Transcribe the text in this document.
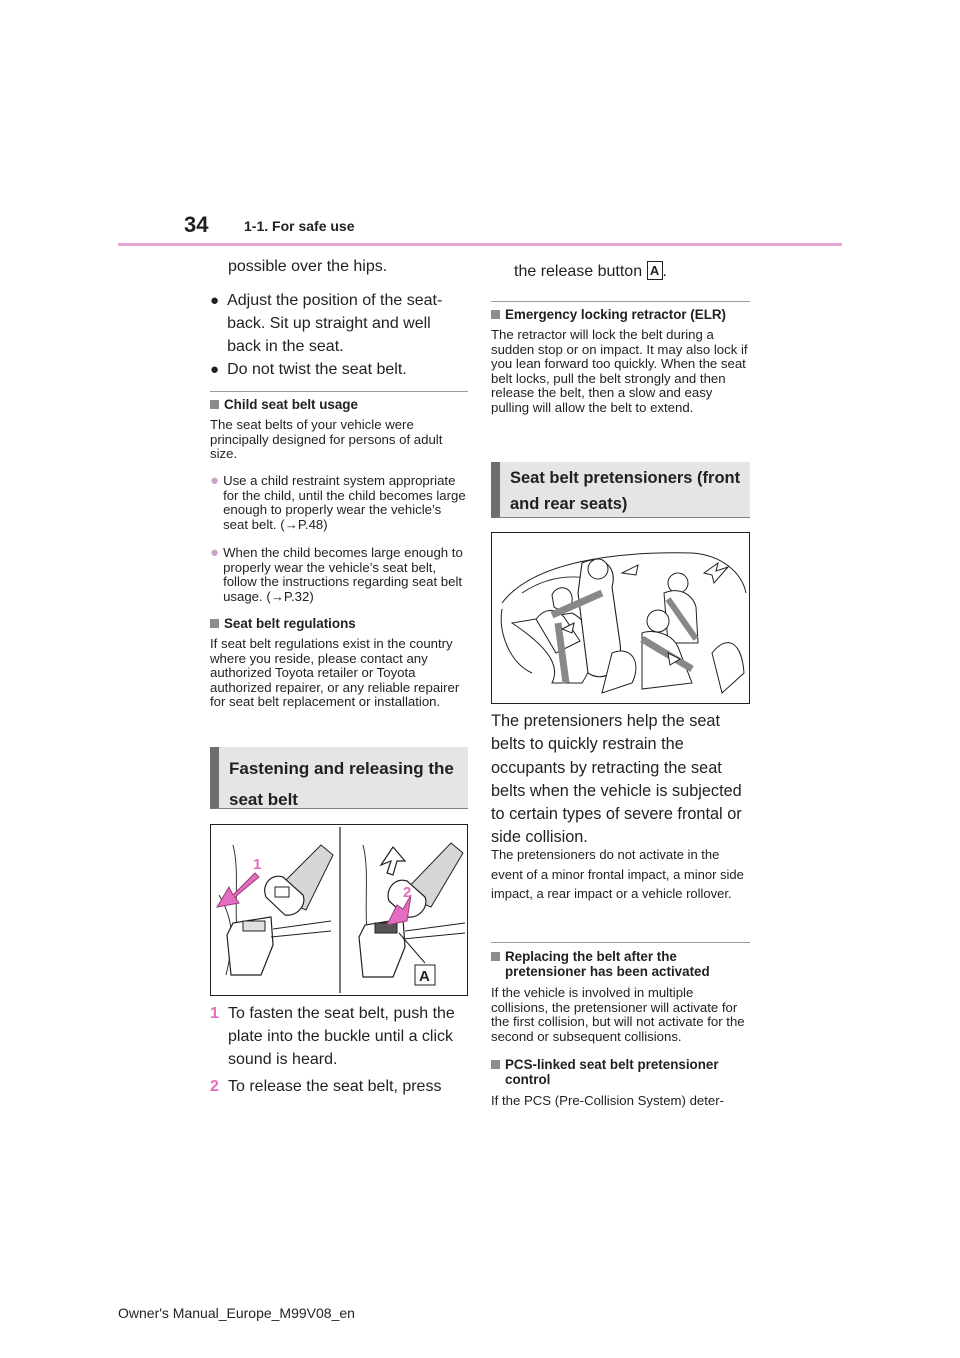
34	1-1. For safe use
possible over the hips.
● Adjust the position of the seat-back. Sit up straight and well back in the seat.
● Do not twist the seat belt.
Child seat belt usage
The seat belts of your vehicle were principally designed for persons of adult size.
● Use a child restraint system appropriate for the child, until the child becomes large enough to properly wear the vehicle’s seat belt. (→P.48)
● When the child becomes large enough to properly wear the vehicle’s seat belt, follow the instructions regarding seat belt usage. (→P.32)
Seat belt regulations
If seat belt regulations exist in the country where you reside, please contact any authorized Toyota retailer or Toyota authorized repairer, or any reliable repairer for seat belt replacement or installation.
Fastening and releasing the seat belt
1
2
A
1 To fasten the seat belt, push the plate into the buckle until a click sound is heard.
2 To release the seat belt, press
the release button A .
Emergency locking retractor (ELR)
The retractor will lock the belt during a sudden stop or on impact. It may also lock if you lean forward too quickly. When the seat belt locks, pull the belt strongly and then release the belt, then a slow and easy pulling will allow the belt to extend.
Seat belt pretensioners (front and rear seats)
The pretensioners help the seat belts to quickly restrain the occupants by retracting the seat belts when the vehicle is subjected to certain types of severe frontal or side collision.
The pretensioners do not activate in the event of a minor frontal impact, a minor side impact, a rear impact or a vehicle rollover.
Replacing the belt after the pretensioner has been activated
If the vehicle is involved in multiple collisions, the pretensioner will activate for the first collision, but will not activate for the second or subsequent collisions.
PCS-linked seat belt pretensioner control
If the PCS (Pre-Collision System) deter-
Owner's Manual_Europe_M99V08_en
